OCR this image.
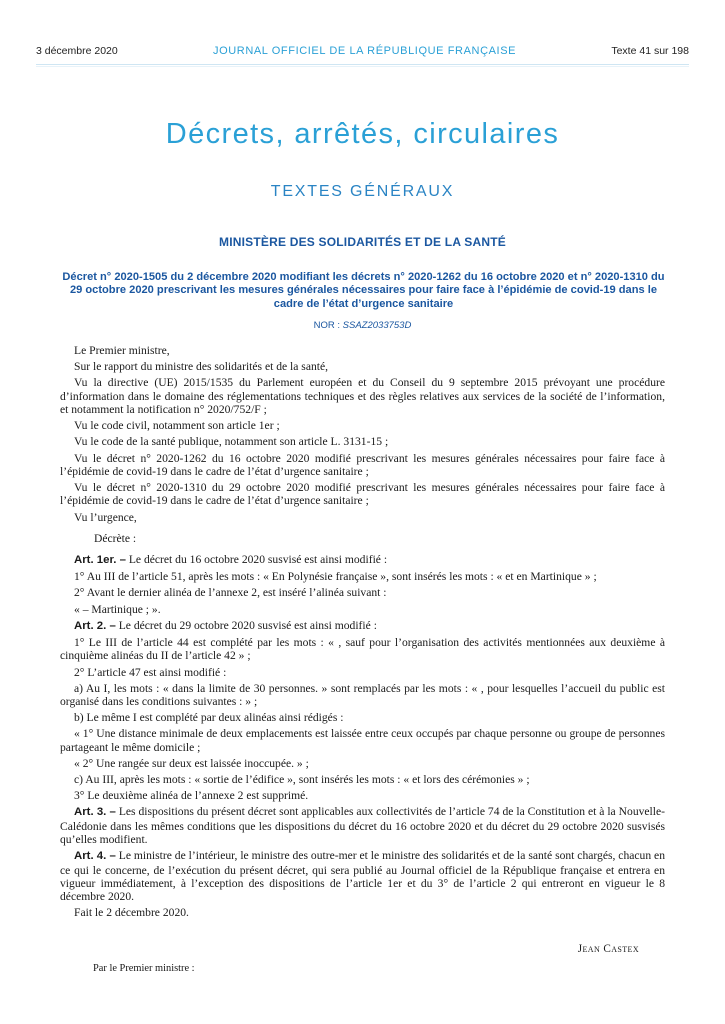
3 décembre 2020	JOURNAL OFFICIEL DE LA RÉPUBLIQUE FRANÇAISE	Texte 41 sur 198
Décrets, arrêtés, circulaires
TEXTES GÉNÉRAUX
MINISTÈRE DES SOLIDARITÉS ET DE LA SANTÉ
Décret n° 2020-1505 du 2 décembre 2020 modifiant les décrets n° 2020-1262 du 16 octobre 2020 et n° 2020-1310 du 29 octobre 2020 prescrivant les mesures générales nécessaires pour faire face à l’épidémie de covid-19 dans le cadre de l’état d’urgence sanitaire
NOR : SSAZ2033753D

Le Premier ministre,

Sur le rapport du ministre des solidarités et de la santé,

Vu la directive (UE) 2015/1535 du Parlement européen et du Conseil du 9 septembre 2015 prévoyant une procédure d’information dans le domaine des réglementations techniques et des règles relatives aux services de la société de l’information, et notamment la notification n° 2020/752/F ;

Vu le code civil, notamment son article 1er ;

Vu le code de la santé publique, notamment son article L. 3131-15 ;

Vu le décret n° 2020-1262 du 16 octobre 2020 modifié prescrivant les mesures générales nécessaires pour faire face à l’épidémie de covid-19 dans le cadre de l’état d’urgence sanitaire ;

Vu le décret n° 2020-1310 du 29 octobre 2020 modifié prescrivant les mesures générales nécessaires pour faire face à l’épidémie de covid-19 dans le cadre de l’état d’urgence sanitaire ;

Vu l’urgence,

Décrète :

Art. 1er. – Le décret du 16 octobre 2020 susvisé est ainsi modifié :

1° Au III de l’article 51, après les mots : « En Polynésie française », sont insérés les mots : « et en Martinique » ;

2° Avant le dernier alinéa de l’annexe 2, est inséré l’alinéa suivant :

« – Martinique ; ».

Art. 2. – Le décret du 29 octobre 2020 susvisé est ainsi modifié :

1° Le III de l’article 44 est complété par les mots : « , sauf pour l’organisation des activités mentionnées aux deuxième à cinquième alinéas du II de l’article 42 » ;

2° L’article 47 est ainsi modifié :

a) Au I, les mots : « dans la limite de 30 personnes. » sont remplacés par les mots : « , pour lesquelles l’accueil du public est organisé dans les conditions suivantes : » ;

b) Le même I est complété par deux alinéas ainsi rédigés :

« 1° Une distance minimale de deux emplacements est laissée entre ceux occupés par chaque personne ou groupe de personnes partageant le même domicile ;

« 2° Une rangée sur deux est laissée inoccupée. » ;

c) Au III, après les mots : « sortie de l’édifice », sont insérés les mots : « et lors des cérémonies » ;

3° Le deuxième alinéa de l’annexe 2 est supprimé.

Art. 3. – Les dispositions du présent décret sont applicables aux collectivités de l’article 74 de la Constitution et à la Nouvelle-Calédonie dans les mêmes conditions que les dispositions du décret du 16 octobre 2020 et du décret du 29 octobre 2020 susvisés qu’elles modifient.

Art. 4. – Le ministre de l’intérieur, le ministre des outre-mer et le ministre des solidarités et de la santé sont chargés, chacun en ce qui le concerne, de l’exécution du présent décret, qui sera publié au Journal officiel de la République française et entrera en vigueur immédiatement, à l’exception des dispositions de l’article 1er et du 3° de l’article 2 qui entreront en vigueur le 8 décembre 2020.

Fait le 2 décembre 2020.

Jean Castex
Par le Premier ministre :
